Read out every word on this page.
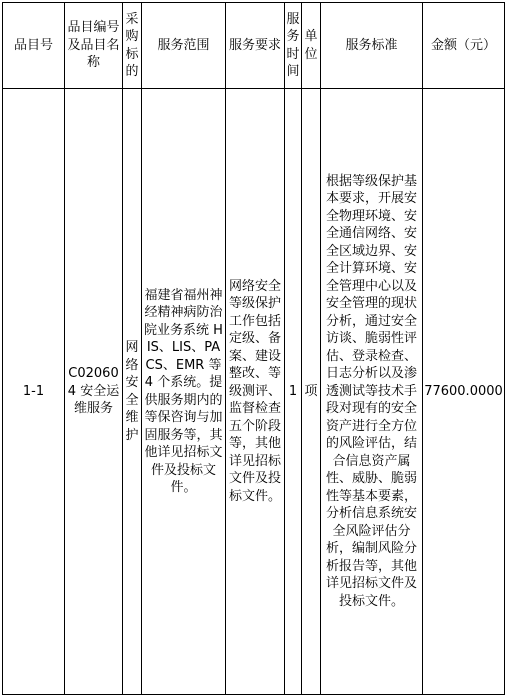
品目号	品目编号及品目名称	采购标的	服务范围	服务要求	服务时间	单位	服务标准	金额（元）
1-1	C020604 安全运维服务	网络安全维护	福建省福州神经精神病防治院业务系统 HIS、LIS、PACS、EMR 等 4 个系统。提供服务期内的等保咨询与加固服务等，其他详见招标文件及投标文件。	网络安全等级保护工作包括定级、备案、建设整改、等级测评、监督检查五个阶段等，其他详见招标文件及投标文件。	1	项	根据等级保护基本要求，开展安全物理环境、安全通信网络、安全区域边界、安全计算环境、安全管理中心以及安全管理的现状分析，通过安全访谈、脆弱性评估、登录检查、日志分析以及渗透测试等技术手段对现有的安全资产进行全方位的风险评估，结合信息资产属性、威胁、脆弱性等基本要素，分析信息系统安全风险评估分析，编制风险分析报告等，其他详见招标文件及投标文件。	77600.0000
